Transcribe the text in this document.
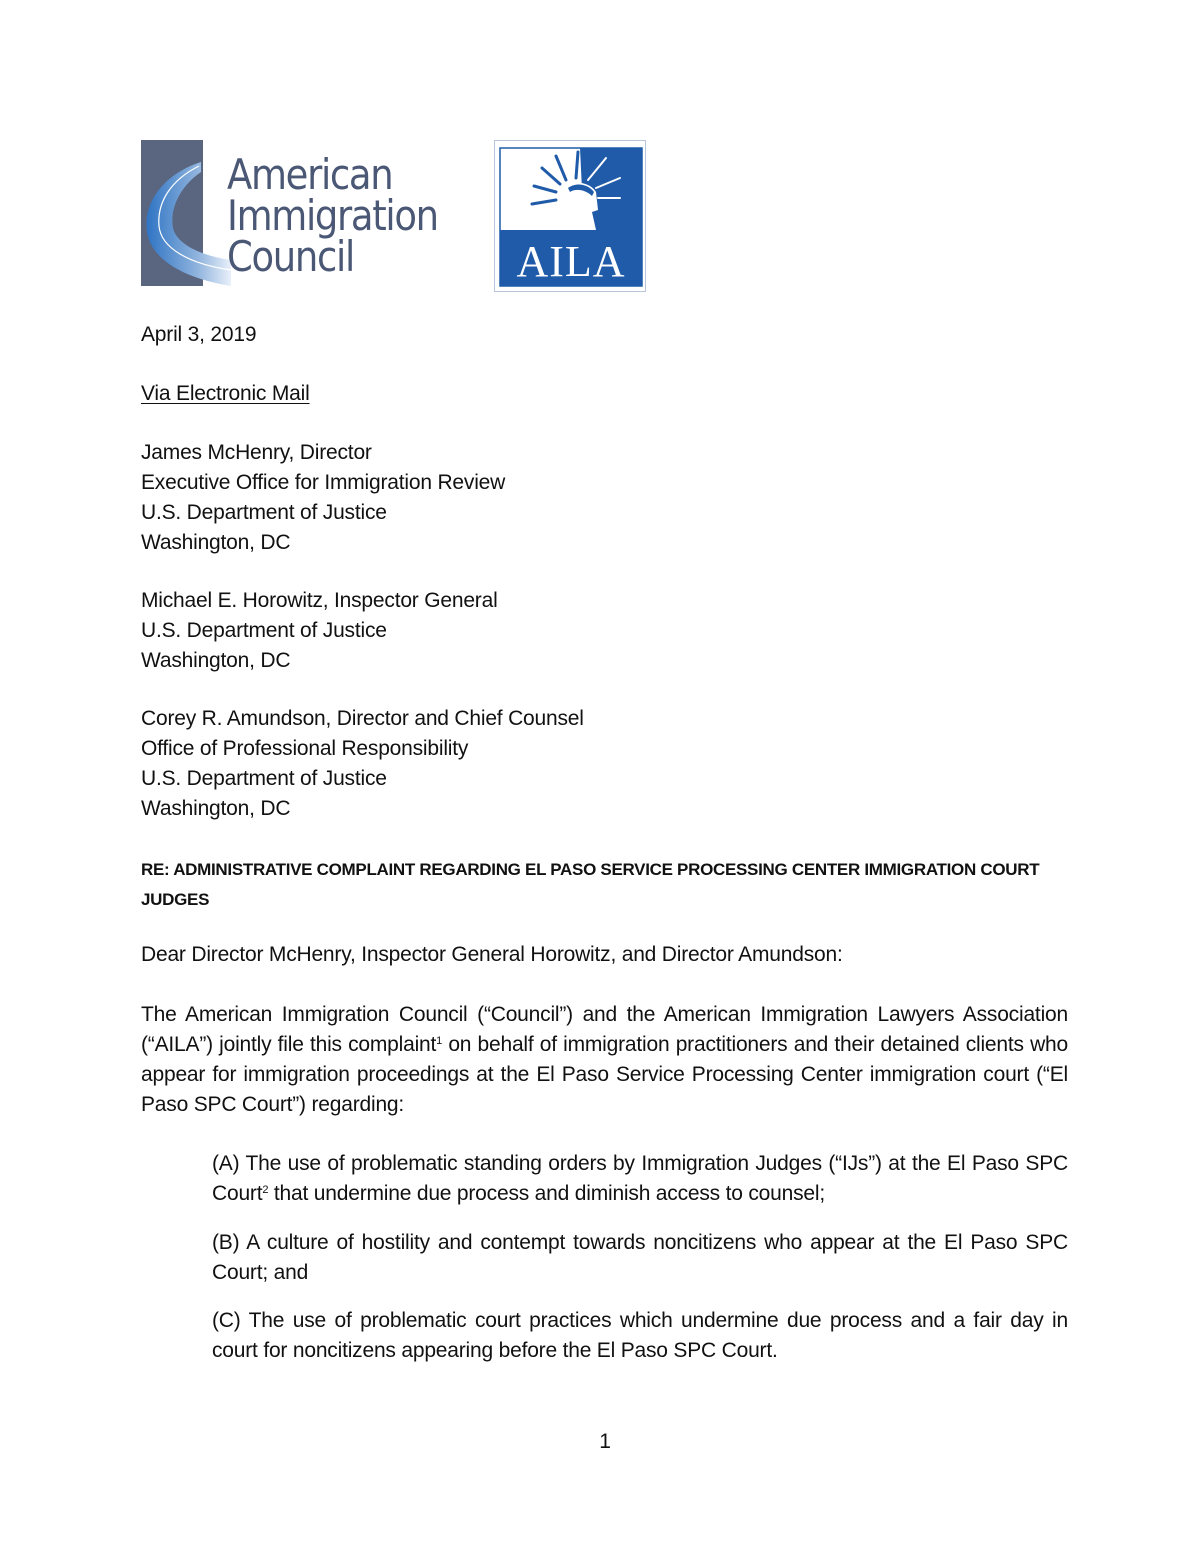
American
Immigration
Council	AILA
April 3, 2019
Via Electronic Mail
James McHenry, Director
Executive Office for Immigration Review
U.S. Department of Justice
Washington, DC
Michael E. Horowitz, Inspector General
U.S. Department of Justice
Washington, DC
Corey R. Amundson, Director and Chief Counsel
Office of Professional Responsibility
U.S. Department of Justice
Washington, DC
RE: ADMINISTRATIVE COMPLAINT REGARDING EL PASO SERVICE PROCESSING CENTER IMMIGRATION COURT JUDGES
Dear Director McHenry, Inspector General Horowitz, and Director Amundson:
The American Immigration Council (“Council”) and the American Immigration Lawyers Association (“AILA”) jointly file this complaint$^1$ on behalf of immigration practitioners and their detained clients who appear for immigration proceedings at the El Paso Service Processing Center immigration court (“El Paso SPC Court”) regarding:
(A) The use of problematic standing orders by Immigration Judges (“IJs”) at the El Paso SPC Court$^2$ that undermine due process and diminish access to counsel;
(B) A culture of hostility and contempt towards noncitizens who appear at the El Paso SPC Court; and
(C) The use of problematic court practices which undermine due process and a fair day in court for noncitizens appearing before the El Paso SPC Court.
1
